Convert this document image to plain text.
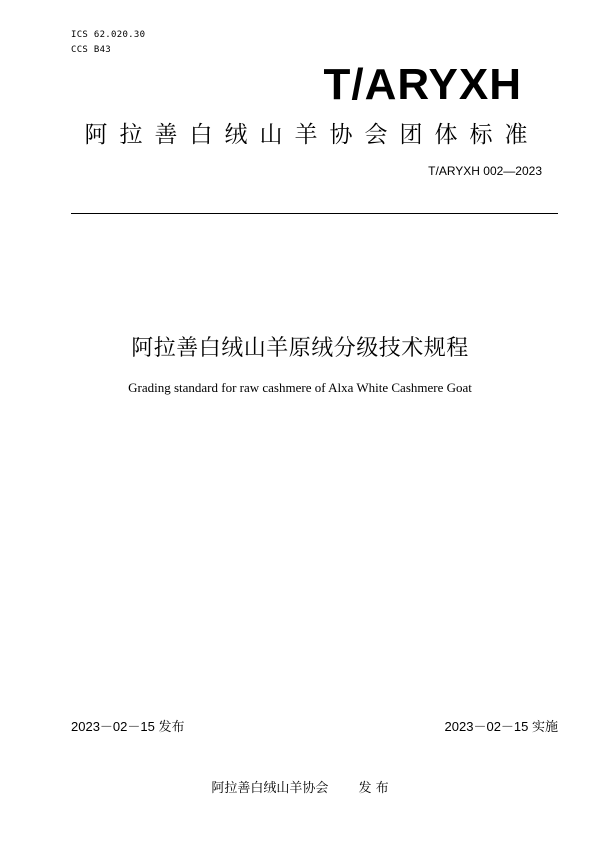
ICS 62.020.30
CCS B43
T/ARYXH
阿拉善白绒山羊协会团体标准
T/ARYXH 002—2023
阿拉善白绒山羊原绒分级技术规程
Grading standard for raw cashmere of Alxa White Cashmere Goat
2023－02－15 发布	2023－02－15 实施
阿拉善白绒山羊协会 发 布
